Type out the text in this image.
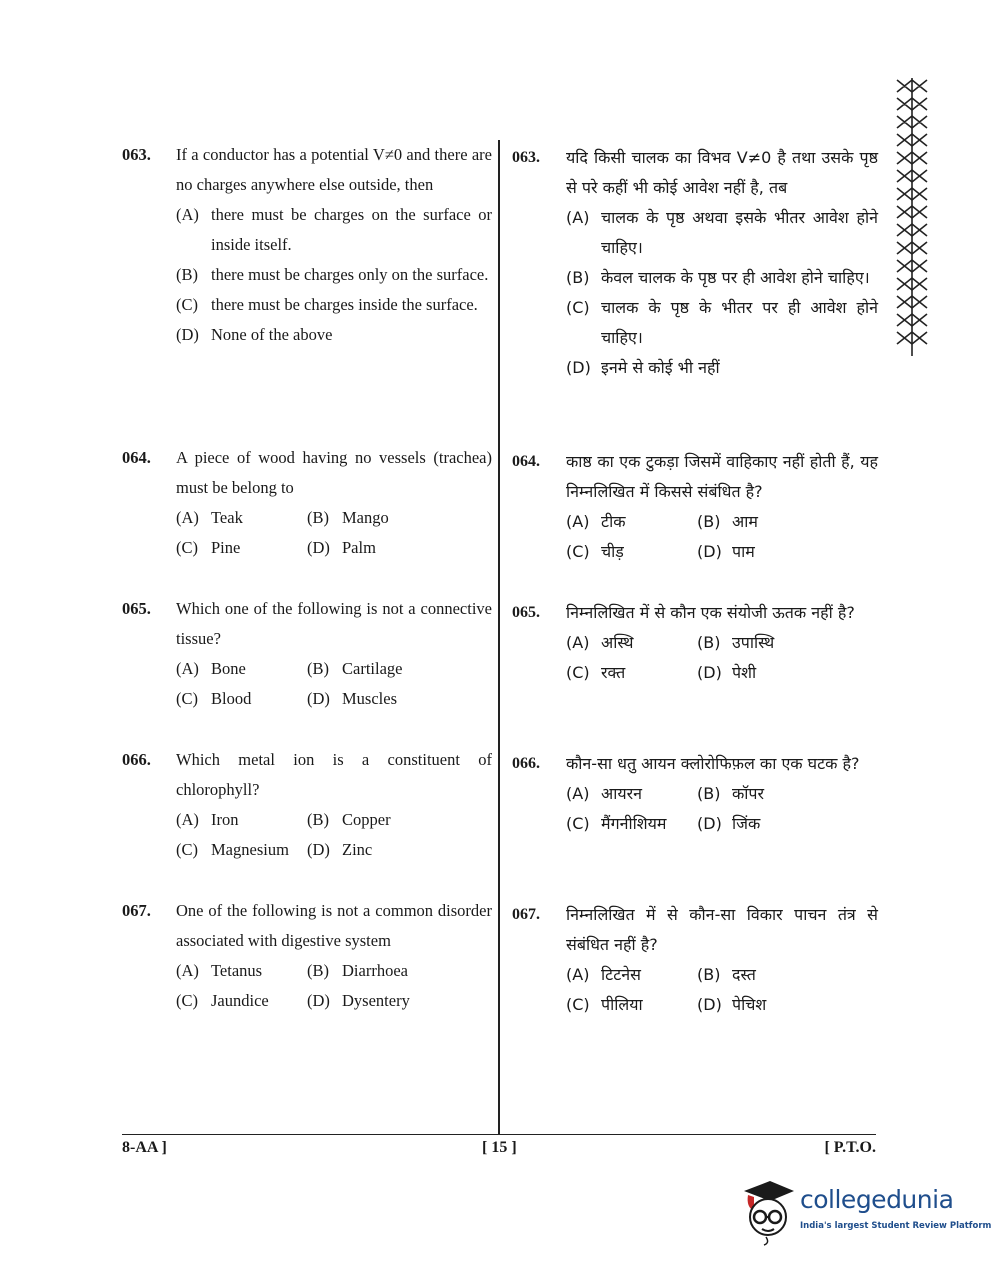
063.	If a conductor has a potential V≠0 and there are no charges anywhere else outside, then
(A) there must be charges on the surface or inside itself.
(B) there must be charges only on the surface.
(C) there must be charges inside the surface.
(D) None of the above
064.	A piece of wood having no vessels (trachea) must be belong to
(A) Teak	(B) Mango
(C) Pine	(D) Palm
065.	Which one of the following is not a connective tissue?
(A) Bone	(B) Cartilage
(C) Blood	(D) Muscles
066.	Which metal ion is a constituent of chlorophyll?
(A) Iron	(B) Copper
(C) Magnesium (D) Zinc
067.	One of the following is not a common disorder associated with digestive system
(A) Tetanus	(B) Diarrhoea
(C) Jaundice (D) Dysentery
063.	यदि किसी चालक का विभव V≠0 है तथा उसके पृष्ठ से परे कहीं भी कोई आवेश नहीं है, तब
(A) चालक के पृष्ठ अथवा इसके भीतर आवेश होने चाहिए।
(B) केवल चालक के पृष्ठ पर ही आवेश होने चाहिए।
(C) चालक के पृष्ठ के भीतर पर ही आवेश होने चाहिए।
(D) इनमे से कोई भी नहीं
064.	काष्ठ का एक टुकड़ा जिसमें वाहिकाए नहीं होती हैं, यह निम्नलिखित में किससे संबंधित है?
(A) टीक	(B) आम
(C) चीड़	(D) पाम
065.	निम्नलिखित में से कौन एक संयोजी ऊतक नहीं है?
(A) अस्थि	(B) उपास्थि
(C) रक्त	(D) पेशी
066.	कौन-सा धतु आयन क्लोरोफिफ़ल का एक घटक है?
(A) आयरन	(B) कॉपर
(C) मैंगनीशियम (D) जिंक
067.	निम्नलिखित में से कौन-सा विकार पाचन तंत्र से संबंधित नहीं है?
(A) टिटनेस	(B) दस्त
(C) पीलिया	(D) पेचिश
8-AA ]	[ 15 ]	[ P.T.O.
collegedunia
India's largest Student Review Platform
